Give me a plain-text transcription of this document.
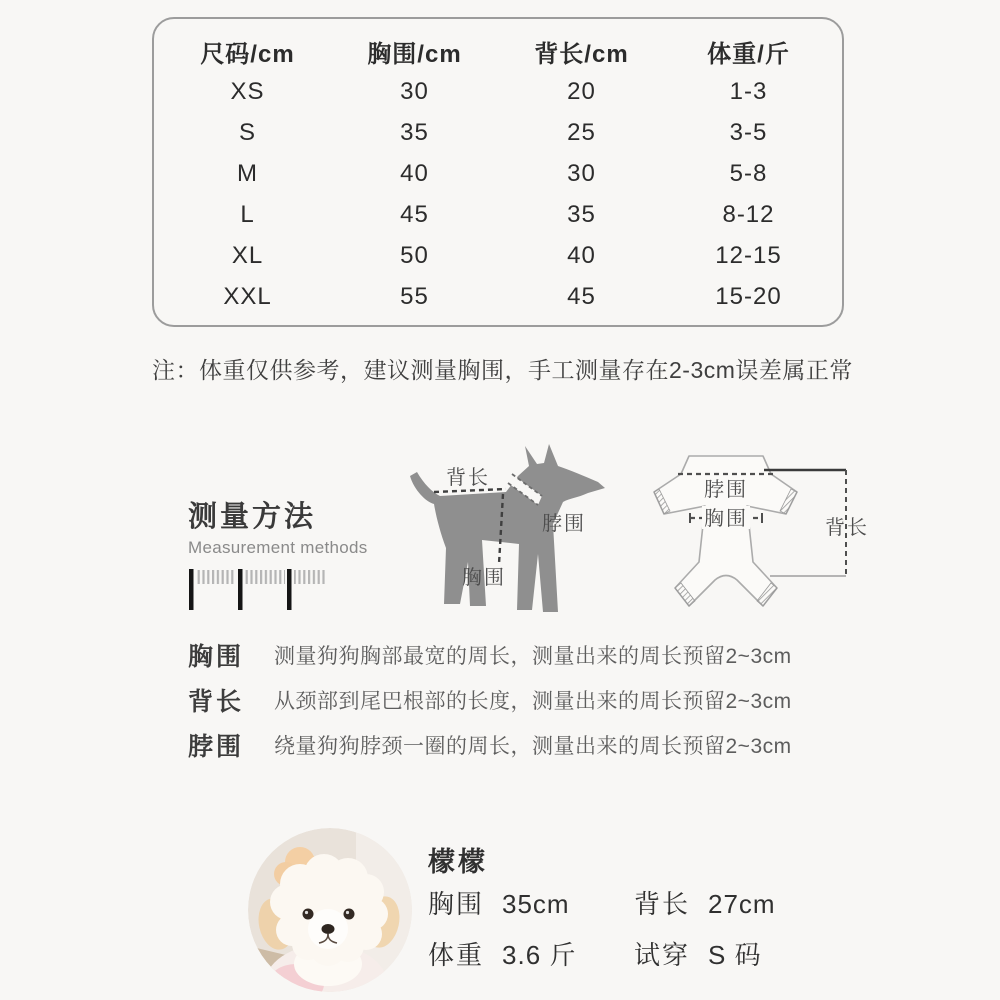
尺码/cm	胸围/cm	背长/cm	体重/斤
XS	30	20	1-3
S	35	25	3-5
M	40	30	5-8
L	45	35	8-12
XL	50	40	12-15
XXL	55	45	15-20

注：体重仅供参考，建议测量胸围，手工测量存在2-3cm误差属正常

测量方法
Measurement methods
背长
脖围
胸围
脖围
胸围	背长
胸围	测量狗狗胸部最宽的周长，测量出来的周长预留2~3cm
背长	从颈部到尾巴根部的长度，测量出来的周长预留2~3cm
脖围	绕量狗狗脖颈一圈的周长，测量出来的周长预留2~3cm
檬檬
胸围 35cm 背长 27cm
体重 3.6 斤 试穿 S 码
